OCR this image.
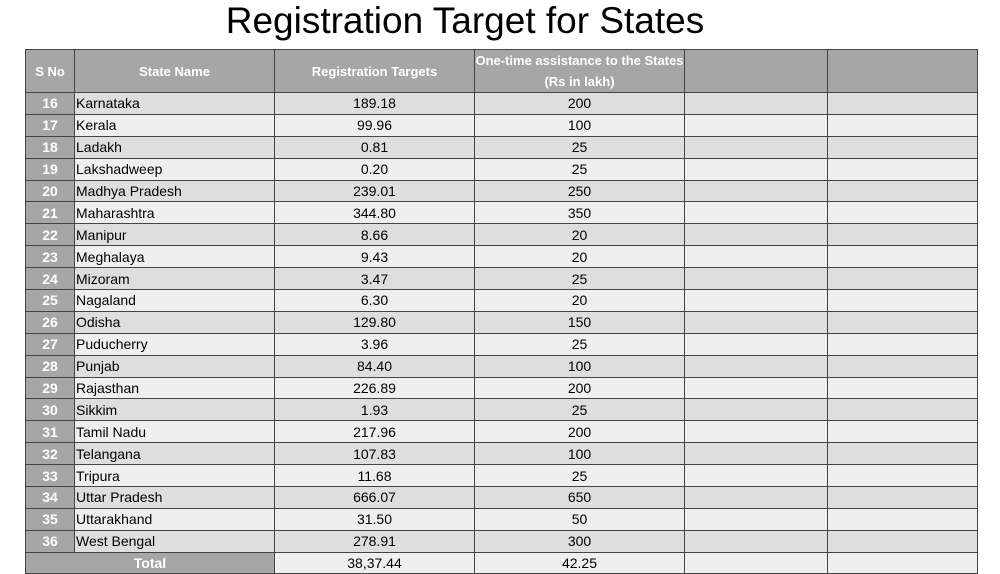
Registration Target for States
S No	State Name	Registration Targets	One-time assistance to the States (Rs in lakh)		
16	Karnataka	189.18	200		
17	Kerala	99.96	100		
18	Ladakh	0.81	25		
19	Lakshadweep	0.20	25		
20	Madhya Pradesh	239.01	250		
21	Maharashtra	344.80	350		
22	Manipur	8.66	20		
23	Meghalaya	9.43	20		
24	Mizoram	3.47	25		
25	Nagaland	6.30	20		
26	Odisha	129.80	150		
27	Puducherry	3.96	25		
28	Punjab	84.40	100		
29	Rajasthan	226.89	200		
30	Sikkim	1.93	25		
31	Tamil Nadu	217.96	200		
32	Telangana	107.83	100		
33	Tripura	11.68	25		
34	Uttar Pradesh	666.07	650		
35	Uttarakhand	31.50	50		
36	West Bengal	278.91	300		
Total		38,37.44	42.25		
